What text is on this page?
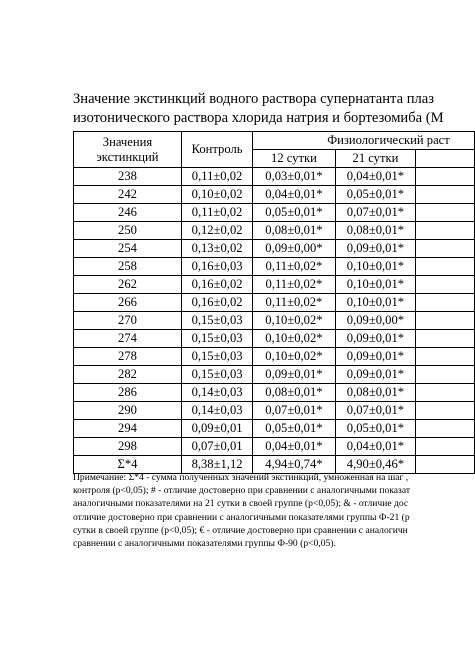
Значение экстинкций водного раствора супернатанта плаз
изотонического раствора хлорида натрия и бортезомиба (М
Значения
экстинкций	Контроль	Физиологический раст		
		12 сутки	21 сутки	
238	0,11±0,02	0,03±0,01*	0,04±0,01*	
242	0,10±0,02	0,04±0,01*	0,05±0,01*	
246	0,11±0,02	0,05±0,01*	0,07±0,01*	
250	0,12±0,02	0,08±0,01*	0,08±0,01*	
254	0,13±0,02	0,09±0,00*	0,09±0,01*	
258	0,16±0,03	0,11±0,02*	0,10±0,01*	
262	0,16±0,02	0,11±0,02*	0,10±0,01*	
266	0,16±0,02	0,11±0,02*	0,10±0,01*	
270	0,15±0,03	0,10±0,02*	0,09±0,00*	
274	0,15±0,03	0,10±0,02*	0,09±0,01*	
278	0,15±0,03	0,10±0,02*	0,09±0,01*	
282	0,15±0,03	0,09±0,01*	0,09±0,01*	
286	0,14±0,03	0,08±0,01*	0,08±0,01*	
290	0,14±0,03	0,07±0,01*	0,07±0,01*	
294	0,09±0,01	0,05±0,01*	0,05±0,01*	
298	0,07±0,01	0,04±0,01*	0,04±0,01*	
Σ*4	8,38±1,12	4,94±0,74*	4,90±0,46*	
Примечание: Σ*4 - сумма полученных значений экстинкций, умноженная на шаг ,
контроля (p<0,05); # - отличие достоверно при сравнении с аналогичными показат
аналогичными показателями на 21 сутки в своей группе (p<0,05); & - отличие дос
отличие достоверно при сравнении с аналогичными показателями группы Ф-21 (р
сутки в своей группе (p<0,05); € - отличие достоверно при сравнении с аналогичн
сравнении с аналогичными показателями группы Ф-90 (p<0,05).
